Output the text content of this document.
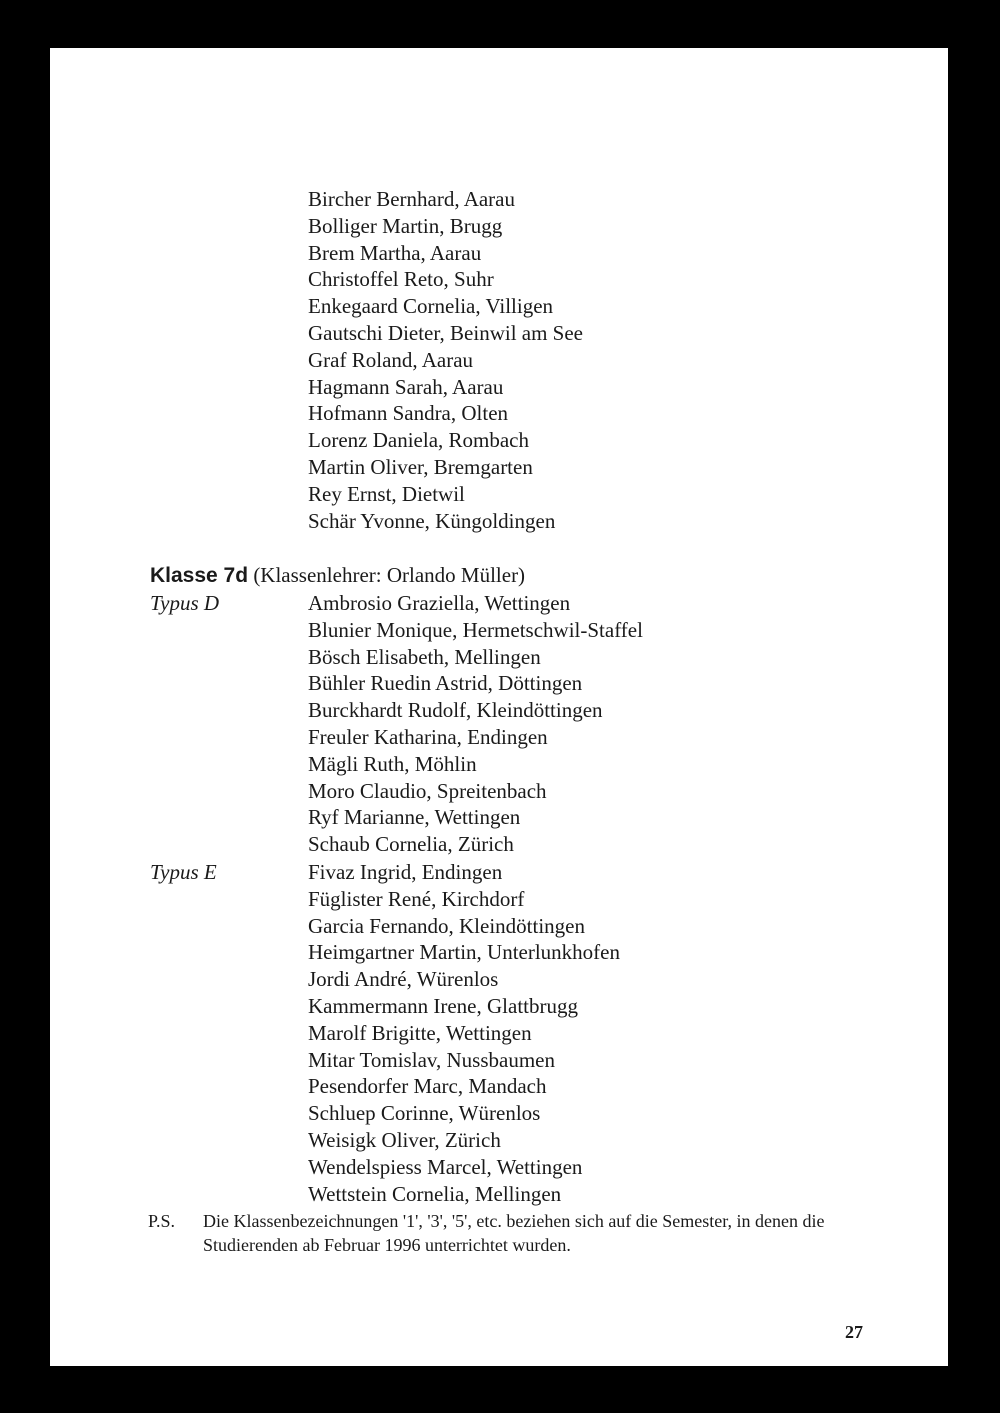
Bircher Bernhard, Aarau
Bolliger Martin, Brugg
Brem Martha, Aarau
Christoffel Reto, Suhr
Enkegaard Cornelia, Villigen
Gautschi Dieter, Beinwil am See
Graf Roland, Aarau
Hagmann Sarah, Aarau
Hofmann Sandra, Olten
Lorenz Daniela, Rombach
Martin Oliver, Bremgarten
Rey Ernst, Dietwil
Schär Yvonne, Küngoldingen
Klasse 7d (Klassenlehrer: Orlando Müller)
Typus D	Ambrosio Graziella, Wettingen
Blunier Monique, Hermetschwil-Staffel
Bösch Elisabeth, Mellingen
Bühler Ruedin Astrid, Döttingen
Burckhardt Rudolf, Kleindöttingen
Freuler Katharina, Endingen
Mägli Ruth, Möhlin
Moro Claudio, Spreitenbach
Ryf Marianne, Wettingen
Schaub Cornelia, Zürich
Typus E	Fivaz Ingrid, Endingen
Füglister René, Kirchdorf
Garcia Fernando, Kleindöttingen
Heimgartner Martin, Unterlunkhofen
Jordi André, Würenlos
Kammermann Irene, Glattbrugg
Marolf Brigitte, Wettingen
Mitar Tomislav, Nussbaumen
Pesendorfer Marc, Mandach
Schluep Corinne, Würenlos
Weisigk Oliver, Zürich
Wendelspiess Marcel, Wettingen
Wettstein Cornelia, Mellingen
P.S. Die Klassenbezeichnungen '1', '3', '5', etc. beziehen sich auf die Semester, in denen die Studierenden ab Februar 1996 unterrichtet wurden.
27
